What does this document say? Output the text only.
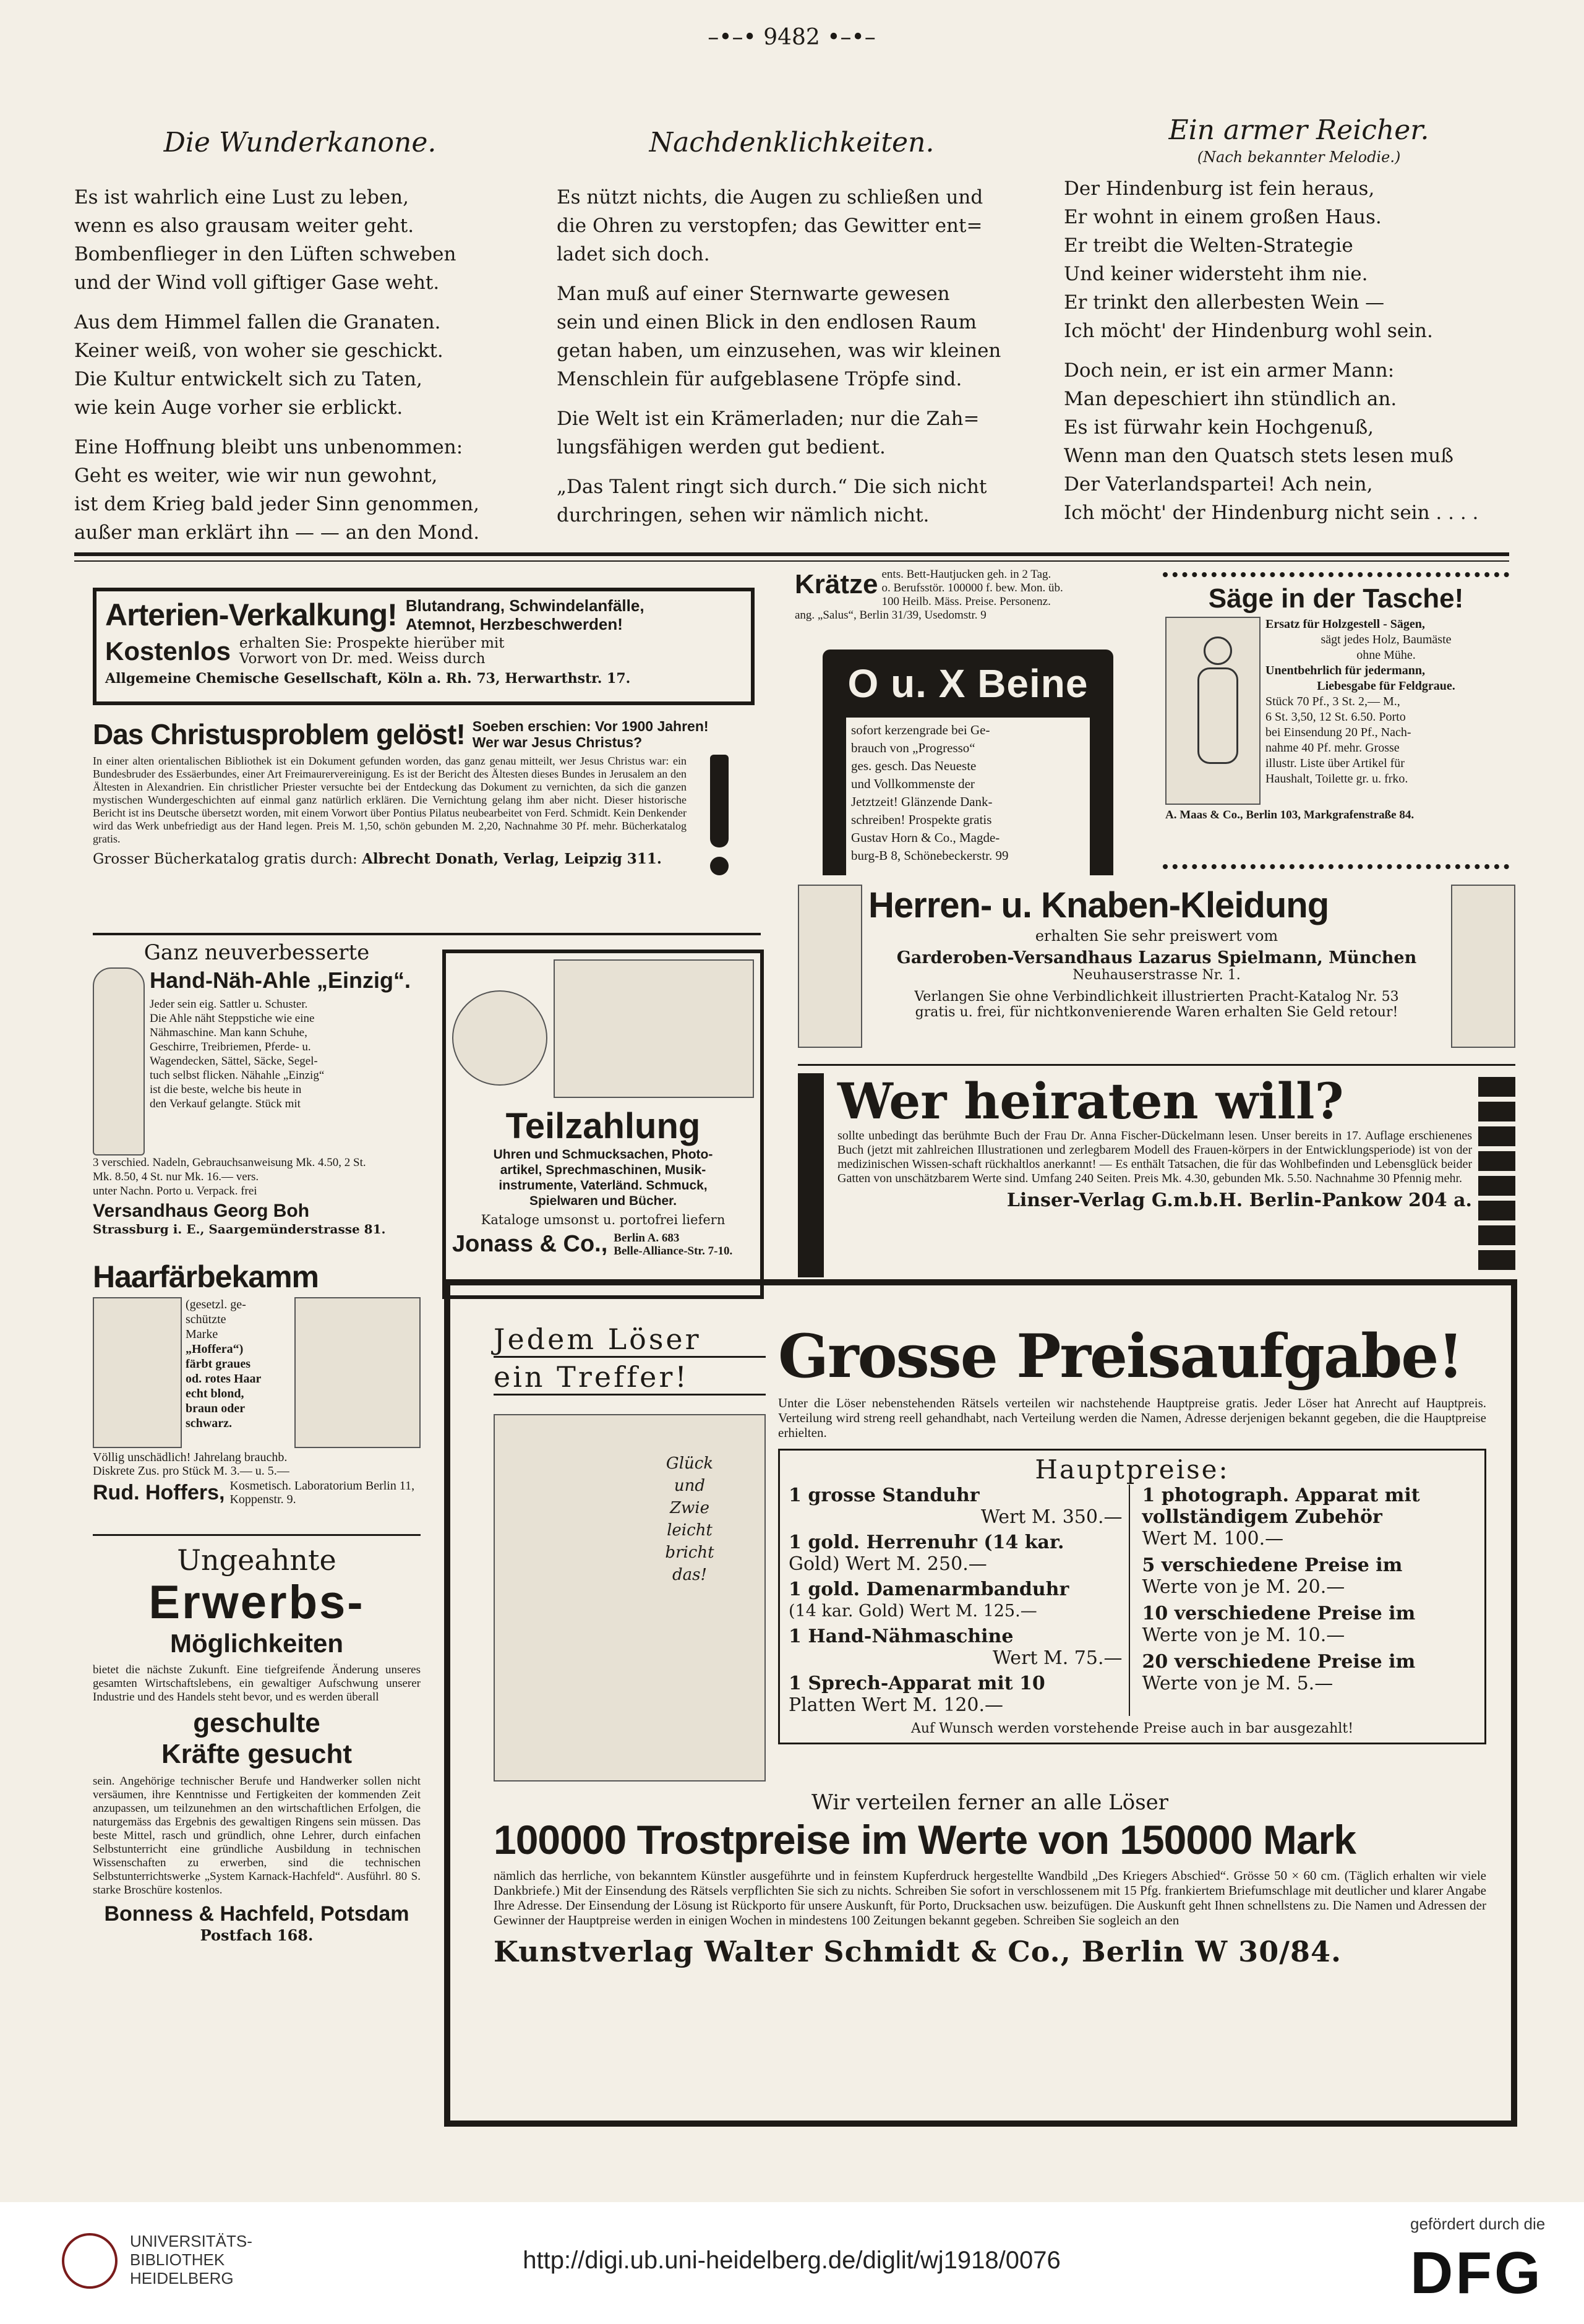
–•–• 9482 •–•–
Die Wunderkanone.
Es ist wahrlich eine Lust zu leben,
wenn es also grausam weiter geht.
Bombenflieger in den Lüften schweben
und der Wind voll giftiger Gase weht.
Aus dem Himmel fallen die Granaten.
Keiner weiß, von woher sie geschickt.
Die Kultur entwickelt sich zu Taten,
wie kein Auge vorher sie erblickt.
Eine Hoffnung bleibt uns unbenommen:
Geht es weiter, wie wir nun gewohnt,
ist dem Krieg bald jeder Sinn genommen,
außer man erklärt ihn — — an den Mond.
Nachdenklichkeiten.
Es nützt nichts, die Augen zu schließen und
die Ohren zu verstopfen; das Gewitter ent=
ladet sich doch.
Man muß auf einer Sternwarte gewesen
sein und einen Blick in den endlosen Raum
getan haben, um einzusehen, was wir kleinen
Menschlein für aufgeblasene Tröpfe sind.
Die Welt ist ein Krämerladen; nur die Zah=
lungsfähigen werden gut bedient.
„Das Talent ringt sich durch.“ Die sich nicht
durchringen, sehen wir nämlich nicht.
Ein armer Reicher.
(Nach bekannter Melodie.)
Der Hindenburg ist fein heraus,
Er wohnt in einem großen Haus.
Er treibt die Welten-Strategie
Und keiner widersteht ihm nie.
Er trinkt den allerbesten Wein —
Ich möcht' der Hindenburg wohl sein.
Doch nein, er ist ein armer Mann:
Man depeschiert ihn stündlich an.
Es ist fürwahr kein Hochgenuß,
Wenn man den Quatsch stets lesen muß
Der Vaterlandspartei! Ach nein,
Ich möcht' der Hindenburg nicht sein . . . .
Arterien-Verkalkung! Blutandrang, Schwindelanfälle,
Atemnot, Herzbeschwerden!
Kostenlos erhalten Sie: Prospekte hierüber mit
Vorwort von Dr. med. Weiss durch
Allgemeine Chemische Gesellschaft, Köln a. Rh. 73, Herwarthstr. 17.
Das Christusproblem gelöst! Soeben erschien: Vor 1900 Jahren!
Wer war Jesus Christus?
In einer alten orientalischen Bibliothek ist ein Dokument gefunden worden, das ganz genau mitteilt, wer Jesus Christus war: ein Bundesbruder des Essäerbundes, einer Art Freimaurervereinigung. Es ist der Bericht des Ältesten dieses Bundes in Jerusalem an den Ältesten in Alexandrien. Ein christlicher Priester versuchte bei der Entdeckung das Dokument zu vernichten, da sich die ganzen mystischen Wundergeschichten auf einmal ganz natürlich erklären. Die Vernichtung gelang ihm aber nicht. Dieser historische Bericht ist ins Deutsche übersetzt worden, mit einem Vorwort über Pontius Pilatus neubearbeitet von Ferd. Schmidt. Kein Denkender wird das Werk unbefriedigt aus der Hand legen. Preis M. 1,50, schön gebunden M. 2,20, Nachnahme 30 Pf. mehr. Bücherkatalog gratis.
Grosser Bücherkatalog gratis durch: Albrecht Donath, Verlag, Leipzig 311.
Krätze ents. Bett-Hautjucken geh. in 2 Tag.
o. Berufsstör. 100000 f. bew. Mon. üb.
100 Heilb. Mäss. Preise. Personenz.
ang. „Salus“, Berlin 31/39, Usedomstr. 9
O u. X Beine
sofort kerzengrade bei Ge-
brauch von „Progresso“
ges. gesch. Das Neueste
und Vollkommenste der
Jetztzeit! Glänzende Dank-
schreiben! Prospekte gratis
Gustav Horn & Co., Magde-
burg-B 8, Schönebeckerstr. 99
Säge in der Tasche!
Ersatz für Holzgestell - Sägen,
sägt jedes Holz, Baumäste
ohne Mühe.
Unentbehrlich für jedermann,
Liebesgabe für Feldgraue.
Stück 70 Pf., 3 St. 2,— M.,
6 St. 3,50, 12 St. 6.50. Porto
bei Einsendung 20 Pf., Nach-
nahme 40 Pf. mehr. Grosse
illustr. Liste über Artikel für
Haushalt, Toilette gr. u. frko.
A. Maas & Co., Berlin 103, Markgrafenstraße 84.
Herren- u. Knaben-Kleidung
erhalten Sie sehr preiswert vom
Garderoben-Versandhaus Lazarus Spielmann, München
Neuhauserstrasse Nr. 1.
Verlangen Sie ohne Verbindlichkeit illustrierten Pracht-Katalog Nr. 53
gratis u. frei, für nichtkonvenierende Waren erhalten Sie Geld retour!
Ganz neuverbesserte
Hand-Näh-Ahle „Einzig“.
Jeder sein eig. Sattler u. Schuster.
Die Ahle näht Steppstiche wie eine
Nähmaschine. Man kann Schuhe,
Geschirre, Treibriemen, Pferde- u.
Wagendecken, Sättel, Säcke, Segel-
tuch selbst flicken. Nähahle „Einzig“
ist die beste, welche bis heute in
den Verkauf gelangte. Stück mit
3 verschied. Nadeln, Gebrauchsanweisung Mk. 4.50, 2 St.
Mk. 8.50, 4 St. nur Mk. 16.— vers.
unter Nachn. Porto u. Verpack. frei
Versandhaus Georg Boh
Strassburg i. E., Saargemünderstrasse 81.
Teilzahlung
Uhren und Schmucksachen, Photo-
artikel, Sprechmaschinen, Musik-
instrumente, Vaterländ. Schmuck,
Spielwaren und Bücher.
Kataloge umsonst u. portofrei liefern
Jonass & Co., Berlin A. 683
Belle-Alliance-Str. 7-10.
Wer heiraten will?
sollte unbedingt das berühmte Buch der Frau Dr. Anna Fischer-Dückelmann lesen. Unser bereits in 17. Auflage erschienenes Buch (jetzt mit zahlreichen Illustrationen und zerlegbarem Modell des Frauen-körpers in der Entwicklungsperiode) ist von der medizinischen Wissen-schaft rückhaltlos anerkannt! — Es enthält Tatsachen, die für das Wohlbefinden und Lebensglück beider Gatten von unschätzbarem Werte sind. Umfang 240 Seiten. Preis Mk. 4.30, gebunden Mk. 5.50. Nachnahme 30 Pfennig mehr.
Linser-Verlag G.m.b.H. Berlin-Pankow 204 a.
Haarfärbekamm
(gesetzl. ge-
schützte
Marke
„Hoffera“)
färbt graues
od. rotes Haar
echt blond,
braun oder
schwarz.
Völlig unschädlich! Jahrelang brauchb.
Diskrete Zus. pro Stück M. 3.— u. 5.—
Rud. Hoffers, Kosmetisch. Laboratorium Berlin 11, Koppenstr. 9.
Ungeahnte
Erwerbs-
Möglichkeiten
bietet die nächste Zukunft. Eine tiefgreifende Änderung unseres gesamten Wirtschaftslebens, ein gewaltiger Aufschwung unserer Industrie und des Handels steht bevor, und es werden überall
geschulte
Kräfte gesucht
sein. Angehörige technischer Berufe und Handwerker sollen nicht versäumen, ihre Kenntnisse und Fertigkeiten der kommenden Zeit anzupassen, um teilzunehmen an den wirtschaftlichen Erfolgen, die naturgemäss das Ergebnis des gewaltigen Ringens sein müssen. Das beste Mittel, rasch und gründlich, ohne Lehrer, durch einfachen Selbstunterricht eine gründliche Ausbildung in technischen Wissenschaften zu erwerben, sind die technischen Selbstunterrichtswerke „System Karnack-Hachfeld“. Ausführl. 80 S. starke Broschüre kostenlos.
Bonness & Hachfeld, Potsdam
Postfach 168.
Jedem Löser
ein Treffer!
Glück
und
Zwie
leicht
bricht
das!
Grosse Preisaufgabe!
Unter die Löser nebenstehenden Rätsels verteilen wir nachstehende Hauptpreise gratis. Jeder Löser hat Anrecht auf Hauptpreis. Verteilung wird streng reell gehandhabt, nach Verteilung werden die Namen, Adresse derjenigen bekannt gegeben, die die Hauptpreise erhielten.
Hauptpreise:
1 grosse Standuhr
Wert M. 350.—
1 gold. Herrenuhr (14 kar.
Gold) Wert M. 250.—
1 gold. Damenarmbanduhr
(14 kar. Gold) Wert M. 125.—
1 Hand-Nähmaschine
Wert M. 75.—
1 Sprech-Apparat mit 10
Platten Wert M. 120.—
1 photograph. Apparat mit
vollständigem Zubehör
Wert M. 100.—
5 verschiedene Preise im
Werte von je M. 20.—
10 verschiedene Preise im
Werte von je M. 10.—
20 verschiedene Preise im
Werte von je M. 5.—
Auf Wunsch werden vorstehende Preise auch in bar ausgezahlt!
Wir verteilen ferner an alle Löser
100000 Trostpreise im Werte von 150000 Mark
nämlich das herrliche, von bekanntem Künstler ausgeführte und in feinstem Kupferdruck hergestellte Wandbild „Des Kriegers Abschied“. Grösse 50 × 60 cm. (Täglich erhalten wir viele Dankbriefe.) Mit der Einsendung des Rätsels verpflichten Sie sich zu nichts. Schreiben Sie sofort in verschlossenem mit 15 Pfg. frankiertem Briefumschlage mit deutlicher und klarer Angabe Ihre Adresse. Der Einsendung der Lösung ist Rückporto für unsere Auskunft, für Porto, Drucksachen usw. beizufügen. Die Auskunft geht Ihnen schnellstens zu. Die Namen und Adressen der Gewinner der Hauptpreise werden in einigen Wochen in mindestens 100 Zeitungen bekannt gegeben. Schreiben Sie sogleich an den
Kunstverlag Walter Schmidt & Co., Berlin W 30/84.
UNIVERSITÄTS-
BIBLIOTHEK
HEIDELBERG
http://digi.ub.uni-heidelberg.de/diglit/wj1918/0076
gefördert durch die
DFG
